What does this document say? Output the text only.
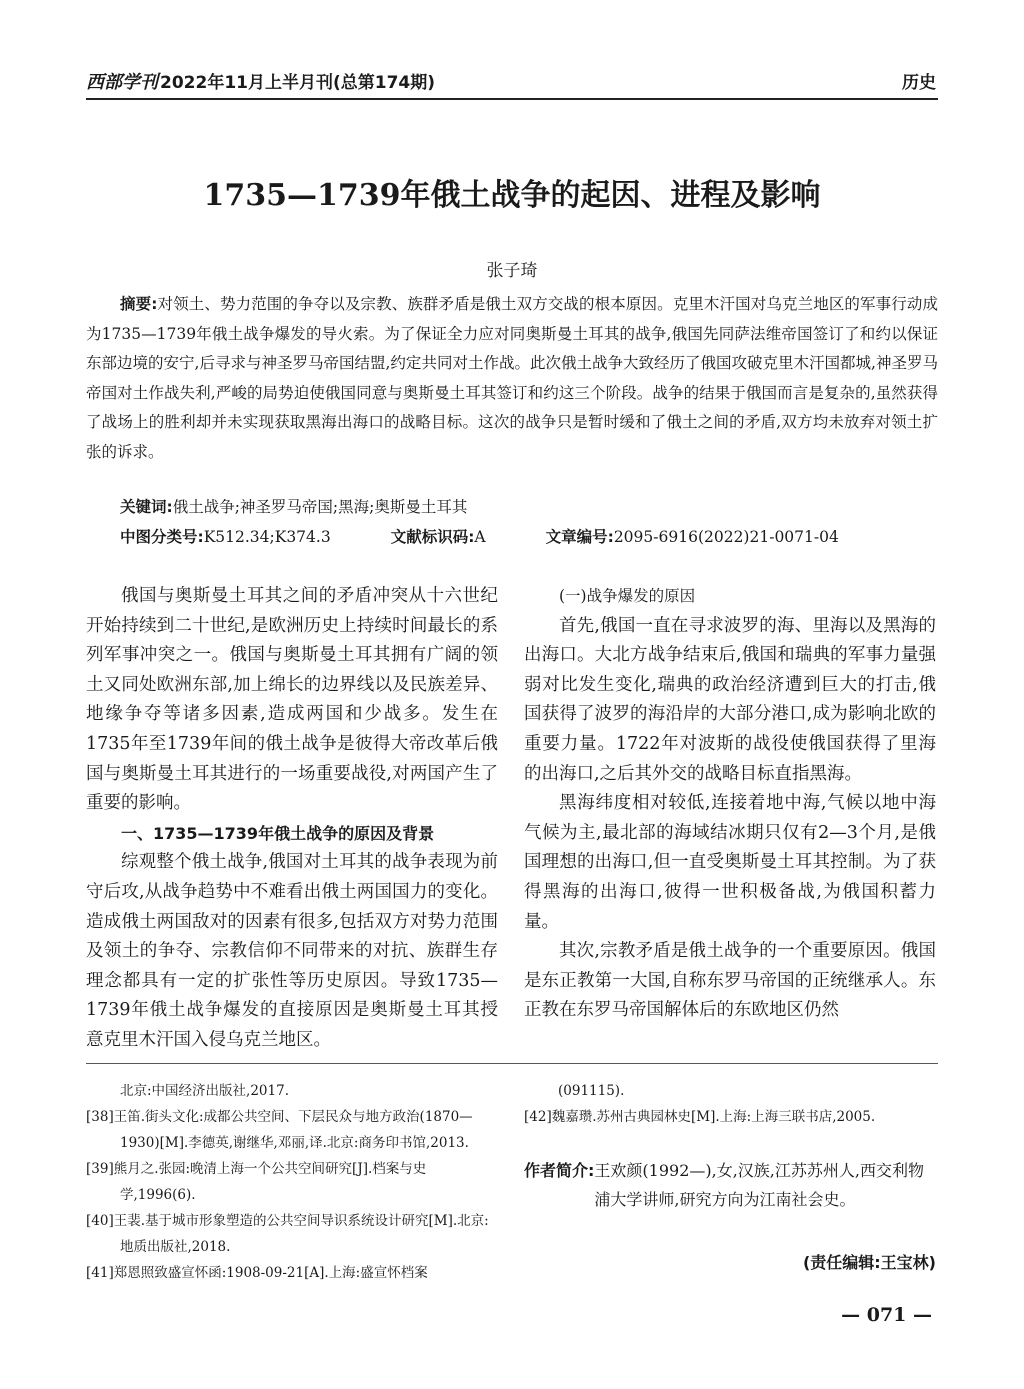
西部学刊 2022年11月上半月刊(总第174期)	历史
1735—1739年俄土战争的起因、进程及影响
张子琦
摘要:对领土、势力范围的争夺以及宗教、族群矛盾是俄土双方交战的根本原因。克里木汗国对乌克兰地区的军事行动成为1735—1739年俄土战争爆发的导火索。为了保证全力应对同奥斯曼土耳其的战争,俄国先同萨法维帝国签订了和约以保证东部边境的安宁,后寻求与神圣罗马帝国结盟,约定共同对土作战。此次俄土战争大致经历了俄国攻破克里木汗国都城,神圣罗马帝国对土作战失利,严峻的局势迫使俄国同意与奥斯曼土耳其签订和约这三个阶段。战争的结果于俄国而言是复杂的,虽然获得了战场上的胜利却并未实现获取黑海出海口的战略目标。这次的战争只是暂时缓和了俄土之间的矛盾,双方均未放弃对领土扩张的诉求。
关键词:俄土战争;神圣罗马帝国;黑海;奥斯曼土耳其
中图分类号:K512.34;K374.3	文献标识码:A	文章编号:2095-6916(2022)21-0071-04

俄国与奥斯曼土耳其之间的矛盾冲突从十六世纪开始持续到二十世纪,是欧洲历史上持续时间最长的系列军事冲突之一。俄国与奥斯曼土耳其拥有广阔的领土又同处欧洲东部,加上绵长的边界线以及民族差异、地缘争夺等诸多因素,造成两国和少战多。发生在1735年至1739年间的俄土战争是彼得大帝改革后俄国与奥斯曼土耳其进行的一场重要战役,对两国产生了重要的影响。

一、1735—1739年俄土战争的原因及背景

综观整个俄土战争,俄国对土耳其的战争表现为前守后攻,从战争趋势中不难看出俄土两国国力的变化。造成俄土两国敌对的因素有很多,包括双方对势力范围及领土的争夺、宗教信仰不同带来的对抗、族群生存理念都具有一定的扩张性等历史原因。导致1735—1739年俄土战争爆发的直接原因是奥斯曼土耳其授意克里木汗国入侵乌克兰地区。

(一)战争爆发的原因

首先,俄国一直在寻求波罗的海、里海以及黑海的出海口。大北方战争结束后,俄国和瑞典的军事力量强弱对比发生变化,瑞典的政治经济遭到巨大的打击,俄国获得了波罗的海沿岸的大部分港口,成为影响北欧的重要力量。1722年对波斯的战役使俄国获得了里海的出海口,之后其外交的战略目标直指黑海。

黑海纬度相对较低,连接着地中海,气候以地中海气候为主,最北部的海域结冰期只仅有2—3个月,是俄国理想的出海口,但一直受奥斯曼土耳其控制。为了获得黑海的出海口,彼得一世积极备战,为俄国积蓄力量。

其次,宗教矛盾是俄土战争的一个重要原因。俄国是东正教第一大国,自称东罗马帝国的正统继承人。东正教在东罗马帝国解体后的东欧地区仍然

北京:中国经济出版社,2017.
[38]王笛.街头文化:成都公共空间、下层民众与地方政治(1870—1930)[M].李德英,谢继华,邓丽,译.北京:商务印书馆,2013.
[39]熊月之.张园:晚清上海一个公共空间研究[J].档案与史学,1996(6).
[40]王裴.基于城市形象塑造的公共空间导识系统设计研究[M].北京:地质出版社,2018.
[41]郑恩照致盛宣怀函:1908-09-21[A].上海:盛宣怀档案
(091115).
[42]魏嘉瓒.苏州古典园林史[M].上海:上海三联书店,2005.
作者简介: 王欢颜(1992—),女,汉族,江苏苏州人,西交利物浦大学讲师,研究方向为江南社会史。
(责任编辑:王宝林)
— 071 —
